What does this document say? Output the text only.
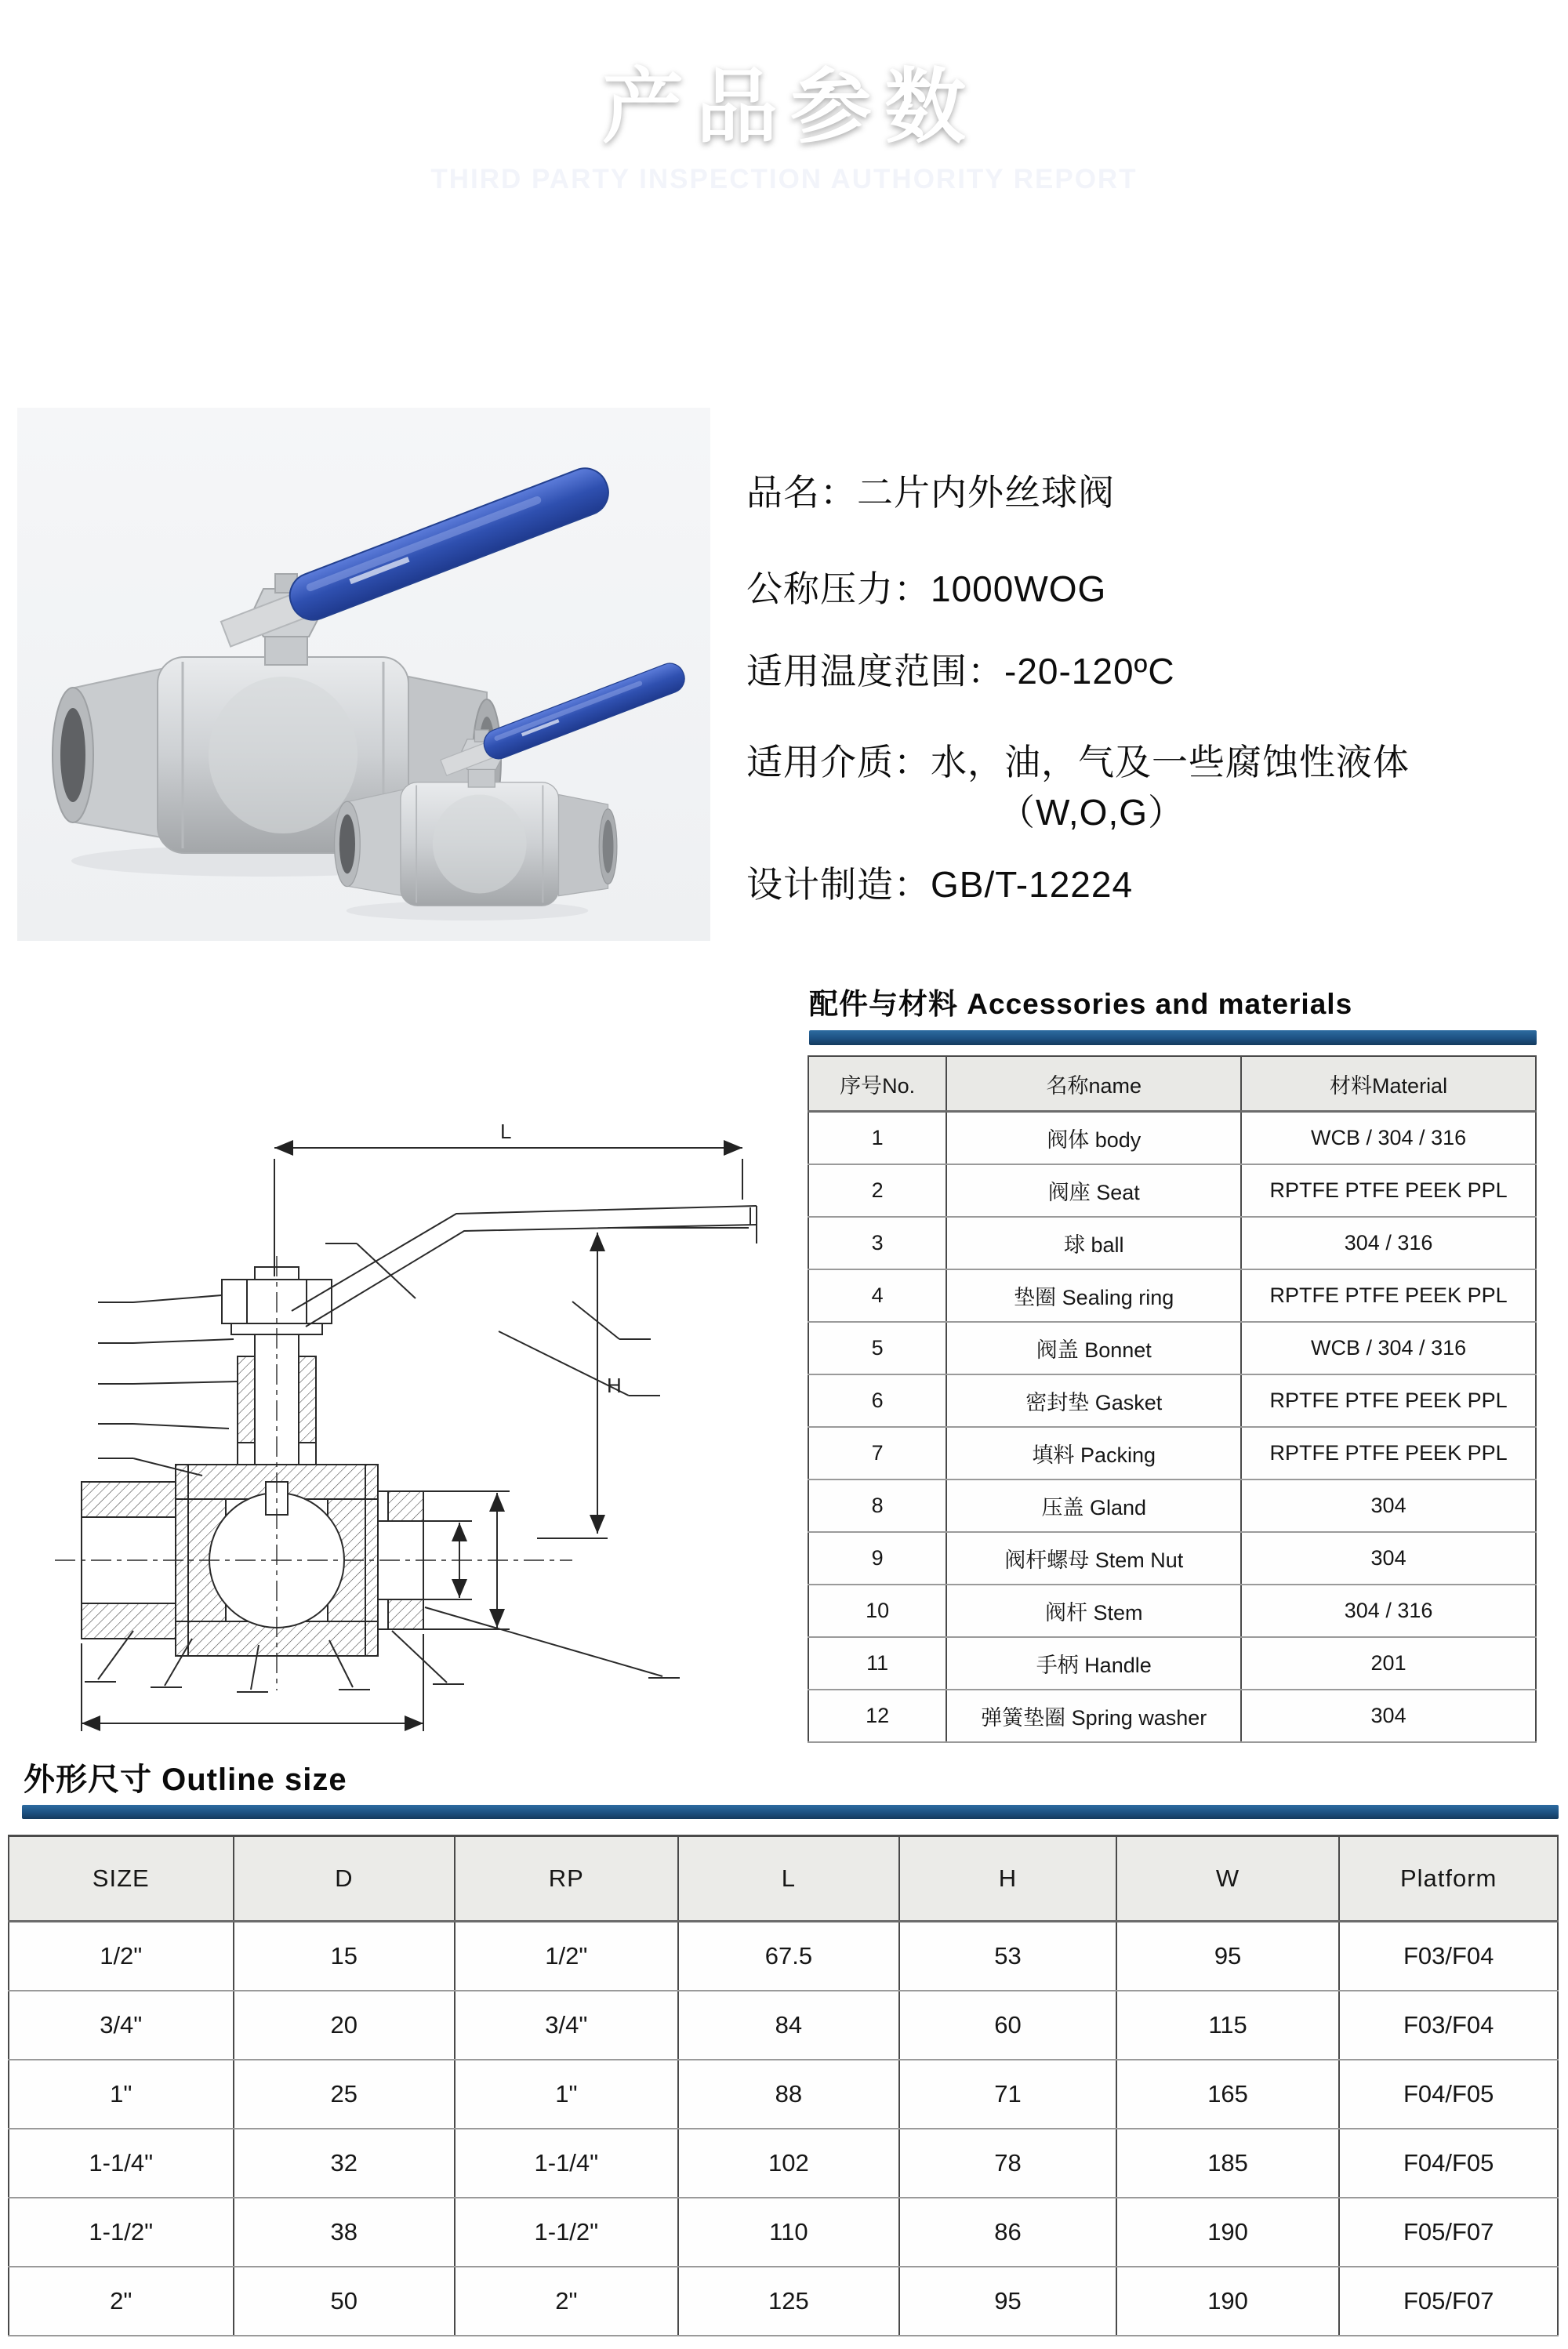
产品参数
THIRD PARTY INSPECTION AUTHORITY REPORT
品名：二片内外丝球阀
公称压力：1000WOG
适用温度范围：-20-120ºC
适用介质：水，油，气及一些腐蚀性液体
（W,O,G）
设计制造：GB/T-12224
配件与材料 Accessories and materials
序号No.	名称name	材料Material
1	阀体 body	WCB / 304 / 316
2	阀座 Seat	RPTFE PTFE PEEK PPL
3	球 ball	304 / 316
4	垫圈 Sealing ring	RPTFE PTFE PEEK PPL
5	阀盖 Bonnet	WCB / 304 / 316
6	密封垫 Gasket	RPTFE PTFE PEEK PPL
7	填料 Packing	RPTFE PTFE PEEK PPL
8	压盖 Gland	304
9	阀杆螺母 Stem Nut	304
10	阀杆 Stem	304 / 316
11	手柄 Handle	201
12	弹簧垫圈 Spring washer	304
L
H
外形尺寸 Outline size
SIZE	D	RP	L	H	W	Platform
1/2"	15	1/2"	67.5	53	95	F03/F04
3/4"	20	3/4"	84	60	115	F03/F04
1"	25	1"	88	71	165	F04/F05
1-1/4"	32	1-1/4"	102	78	185	F04/F05
1-1/2"	38	1-1/2"	110	86	190	F05/F07
2"	50	2"	125	95	190	F05/F07
